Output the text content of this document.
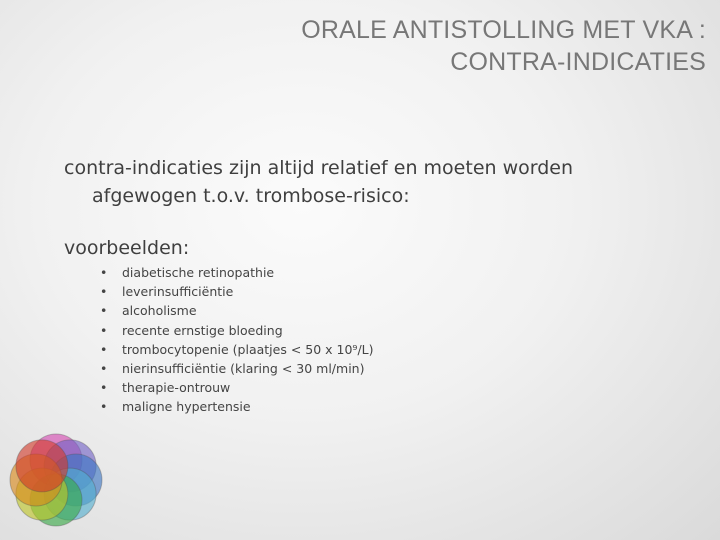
ORALE ANTISTOLLING MET VKA :
CONTRA-INDICATIES
contra-indicaties zijn altijd relatief en moeten worden
afgewogen t.o.v. trombose-risico:
voorbeelden:
• diabetische retinopathie
• leverinsufficiëntie
• alcoholisme
• recente ernstige bloeding
• trombocytopenie (plaatjes < 50 x 10⁹/L)
• nierinsufficiëntie (klaring < 30 ml/min)
• therapie-ontrouw
• maligne hypertensie
